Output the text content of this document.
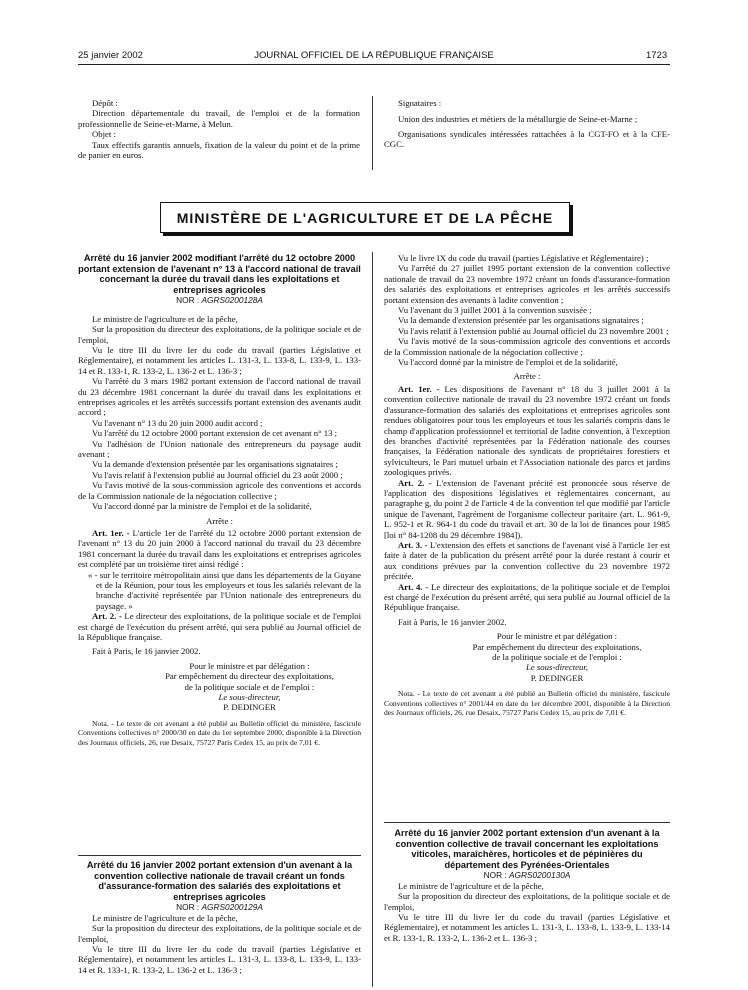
25 janvier 2002	JOURNAL OFFICIEL DE LA RÉPUBLIQUE FRANÇAISE	1723

Dépôt :

Direction départementale du travail, de l'emploi et de la formation professionnelle de Seine-et-Marne, à Melun.

Objet :

Taux effectifs garantis annuels, fixation de la valeur du point et de la prime de panier en euros.

Signataires :

Union des industries et métiers de la métallurgie de Seine-et-Marne ;

Organisations syndicales intéressées rattachées à la CGT-FO et à la CFE-CGC.

MINISTÈRE DE L'AGRICULTURE ET DE LA PÊCHE

Arrêté du 16 janvier 2002 modifiant l'arrêté du 12 octobre 2000 portant extension de l'avenant n° 13 à l'accord national de travail concernant la durée du travail dans les exploitations et entreprises agricoles

NOR : AGRS0200128A

Le ministre de l'agriculture et de la pêche,

Sur la proposition du directeur des exploitations, de la politique sociale et de l'emploi,

Vu le titre III du livre Ier du code du travail (parties Législative et Réglementaire), et notamment les articles L. 131-3, L. 133-8, L. 133-9, L. 133-14 et R. 133-1, R. 133-2, L. 136-2 et L. 136-3 ;

Vu l'arrêté du 3 mars 1982 portant extension de l'accord national de travail du 23 décembre 1981 concernant la durée du travail dans les exploitations et entreprises agricoles et les arrêtés successifs portant extension des avenants audit accord ;

Vu l'avenant n° 13 du 20 juin 2000 audit accord ;

Vu l'arrêté du 12 octobre 2000 portant extension de cet avenant n° 13 ;

Vu l'adhésion de l'Union nationale des entrepreneurs du paysage audit avenant ;

Vu la demande d'extension présentée par les organisations signataires ;

Vu l'avis relatif à l'extension publié au Journal officiel du 23 août 2000 ;

Vu l'avis motivé de la sous-commission agricole des conventions et accords de la Commission nationale de la négociation collective ;

Vu l'accord donné par la ministre de l'emploi et de la solidarité,

Arrête :

Art. 1er. - L'article 1er de l'arrêté du 12 octobre 2000 portant extension de l'avenant n° 13 du 20 juin 2000 à l'accord national du travail du 23 décembre 1981 concernant la durée du travail dans les exploitations et entreprises agricoles est complété par un troisième tiret ainsi rédigé :

« - sur le territoire métropolitain ainsi que dans les départements de la Guyane et de la Réunion, pour tous les employeurs et tous les salariés relevant de la branche d'activité représentée par l'Union nationale des entrepreneurs du paysage. »

Art. 2. - Le directeur des exploitations, de la politique sociale et de l'emploi est chargé de l'exécution du présent arrêté, qui sera publié au Journal officiel de la République française.

Fait à Paris, le 16 janvier 2002.

Pour le ministre et par délégation :

Par empêchement du directeur des exploitations,

de la politique sociale et de l'emploi :

Le sous-directeur,

P. DEDINGER

Nota. - Le texte de cet avenant a été publié au Bulletin officiel du ministère, fascicule Conventions collectives n° 2000/30 en date du 1er septembre 2000, disponible à la Direction des Journaux officiels, 26, rue Desaix, 75727 Paris Cedex 15, au prix de 7,01 €.

Arrêté du 16 janvier 2002 portant extension d'un avenant à la convention collective nationale de travail créant un fonds d'assurance-formation des salariés des exploitations et entreprises agricoles

NOR : AGRS0200129A

Le ministre de l'agriculture et de la pêche,

Sur la proposition du directeur des exploitations, de la politique sociale et de l'emploi,

Vu le titre III du livre Ier du code du travail (parties Législative et Réglementaire), et notamment les articles L. 131-3, L. 133-8, L. 133-9, L. 133-14 et R. 133-1, R. 133-2, L. 136-2 et L. 136-3 ;

Vu le livre IX du code du travail (parties Législative et Réglementaire) ;

Vu l'arrêté du 27 juillet 1995 portant extension de la convention collective nationale de travail du 23 novembre 1972 créant un fonds d'assurance-formation des salariés des exploitations et entreprises agricoles et les arrêtés successifs portant extension des avenants à ladite convention ;

Vu l'avenant du 3 juillet 2001 à la convention susvisée ;

Vu la demande d'extension présentée par les organisations signataires ;

Vu l'avis relatif à l'extension publié au Journal officiel du 23 novembre 2001 ;

Vu l'avis motivé de la sous-commission agricole des conventions et accords de la Commission nationale de la négociation collective ;

Vu l'accord donné par la ministre de l'emploi et de la solidarité,

Arrête :

Art. 1er. - Les dispositions de l'avenant n° 18 du 3 juillet 2001 à la convention collective nationale de travail du 23 novembre 1972 créant un fonds d'assurance-formation des salariés des exploitations et entreprises agricoles sont rendues obligatoires pour tous les employeurs et tous les salariés compris dans le champ d'application professionnel et territorial de ladite convention, à l'exception des branches d'activité représentées par la Fédération nationale des courses françaises, la Fédération nationale des syndicats de propriétaires forestiers et sylviculteurs, le Pari mutuel urbain et l'Association nationale des parcs et jardins zoologiques privés.

Art. 2. - L'extension de l'avenant précité est prononcée sous réserve de l'application des dispositions législatives et réglementaires concernant, au paragraphe g, du point 2 de l'article 4 de la convention tel que modifié par l'article unique de l'avenant, l'agrément de l'organisme collecteur paritaire (art. L. 961-9, L. 952-1 et R. 964-1 du code du travail et art. 30 de la loi de finances pour 1985 [loi n° 84-1208 du 29 décembre 1984]).

Art. 3. - L'extension des effets et sanctions de l'avenant visé à l'article 1er est faite à dater de la publication du présent arrêté pour la durée restant à courir et aux conditions prévues par la convention collective du 23 novembre 1972 précitée.

Art. 4. - Le directeur des exploitations, de la politique sociale et de l'emploi est chargé de l'exécution du présent arrêté, qui sera publié au Journal officiel de la République française.

Fait à Paris, le 16 janvier 2002.

Pour le ministre et par délégation :

Par empêchement du directeur des exploitations,

de la politique sociale et de l'emploi :

Le sous-directeur,

P. DEDINGER

Nota. - Le texte de cet avenant a été publié au Bulletin officiel du ministère, fascicule Conventions collectives n° 2001/44 en date du 1er décembre 2001, disponible à la Direction des Journaux officiels, 26, rue Desaix, 75727 Paris Cedex 15, au prix de 7,01 €.

Arrêté du 16 janvier 2002 portant extension d'un avenant à la convention collective de travail concernant les exploitations viticoles, maraîchères, horticoles et de pépinières du département des Pyrénées-Orientales

NOR : AGRS0200130A

Le ministre de l'agriculture et de la pêche,

Sur la proposition du directeur des exploitations, de la politique sociale et de l'emploi,

Vu le titre III du livre Ier du code du travail (parties Législative et Réglementaire), et notamment les articles L. 131-3, L. 133-8, L. 133-9, L. 133-14 et R. 133-1, R. 133-2, L. 136-2 et L. 136-3 ;
